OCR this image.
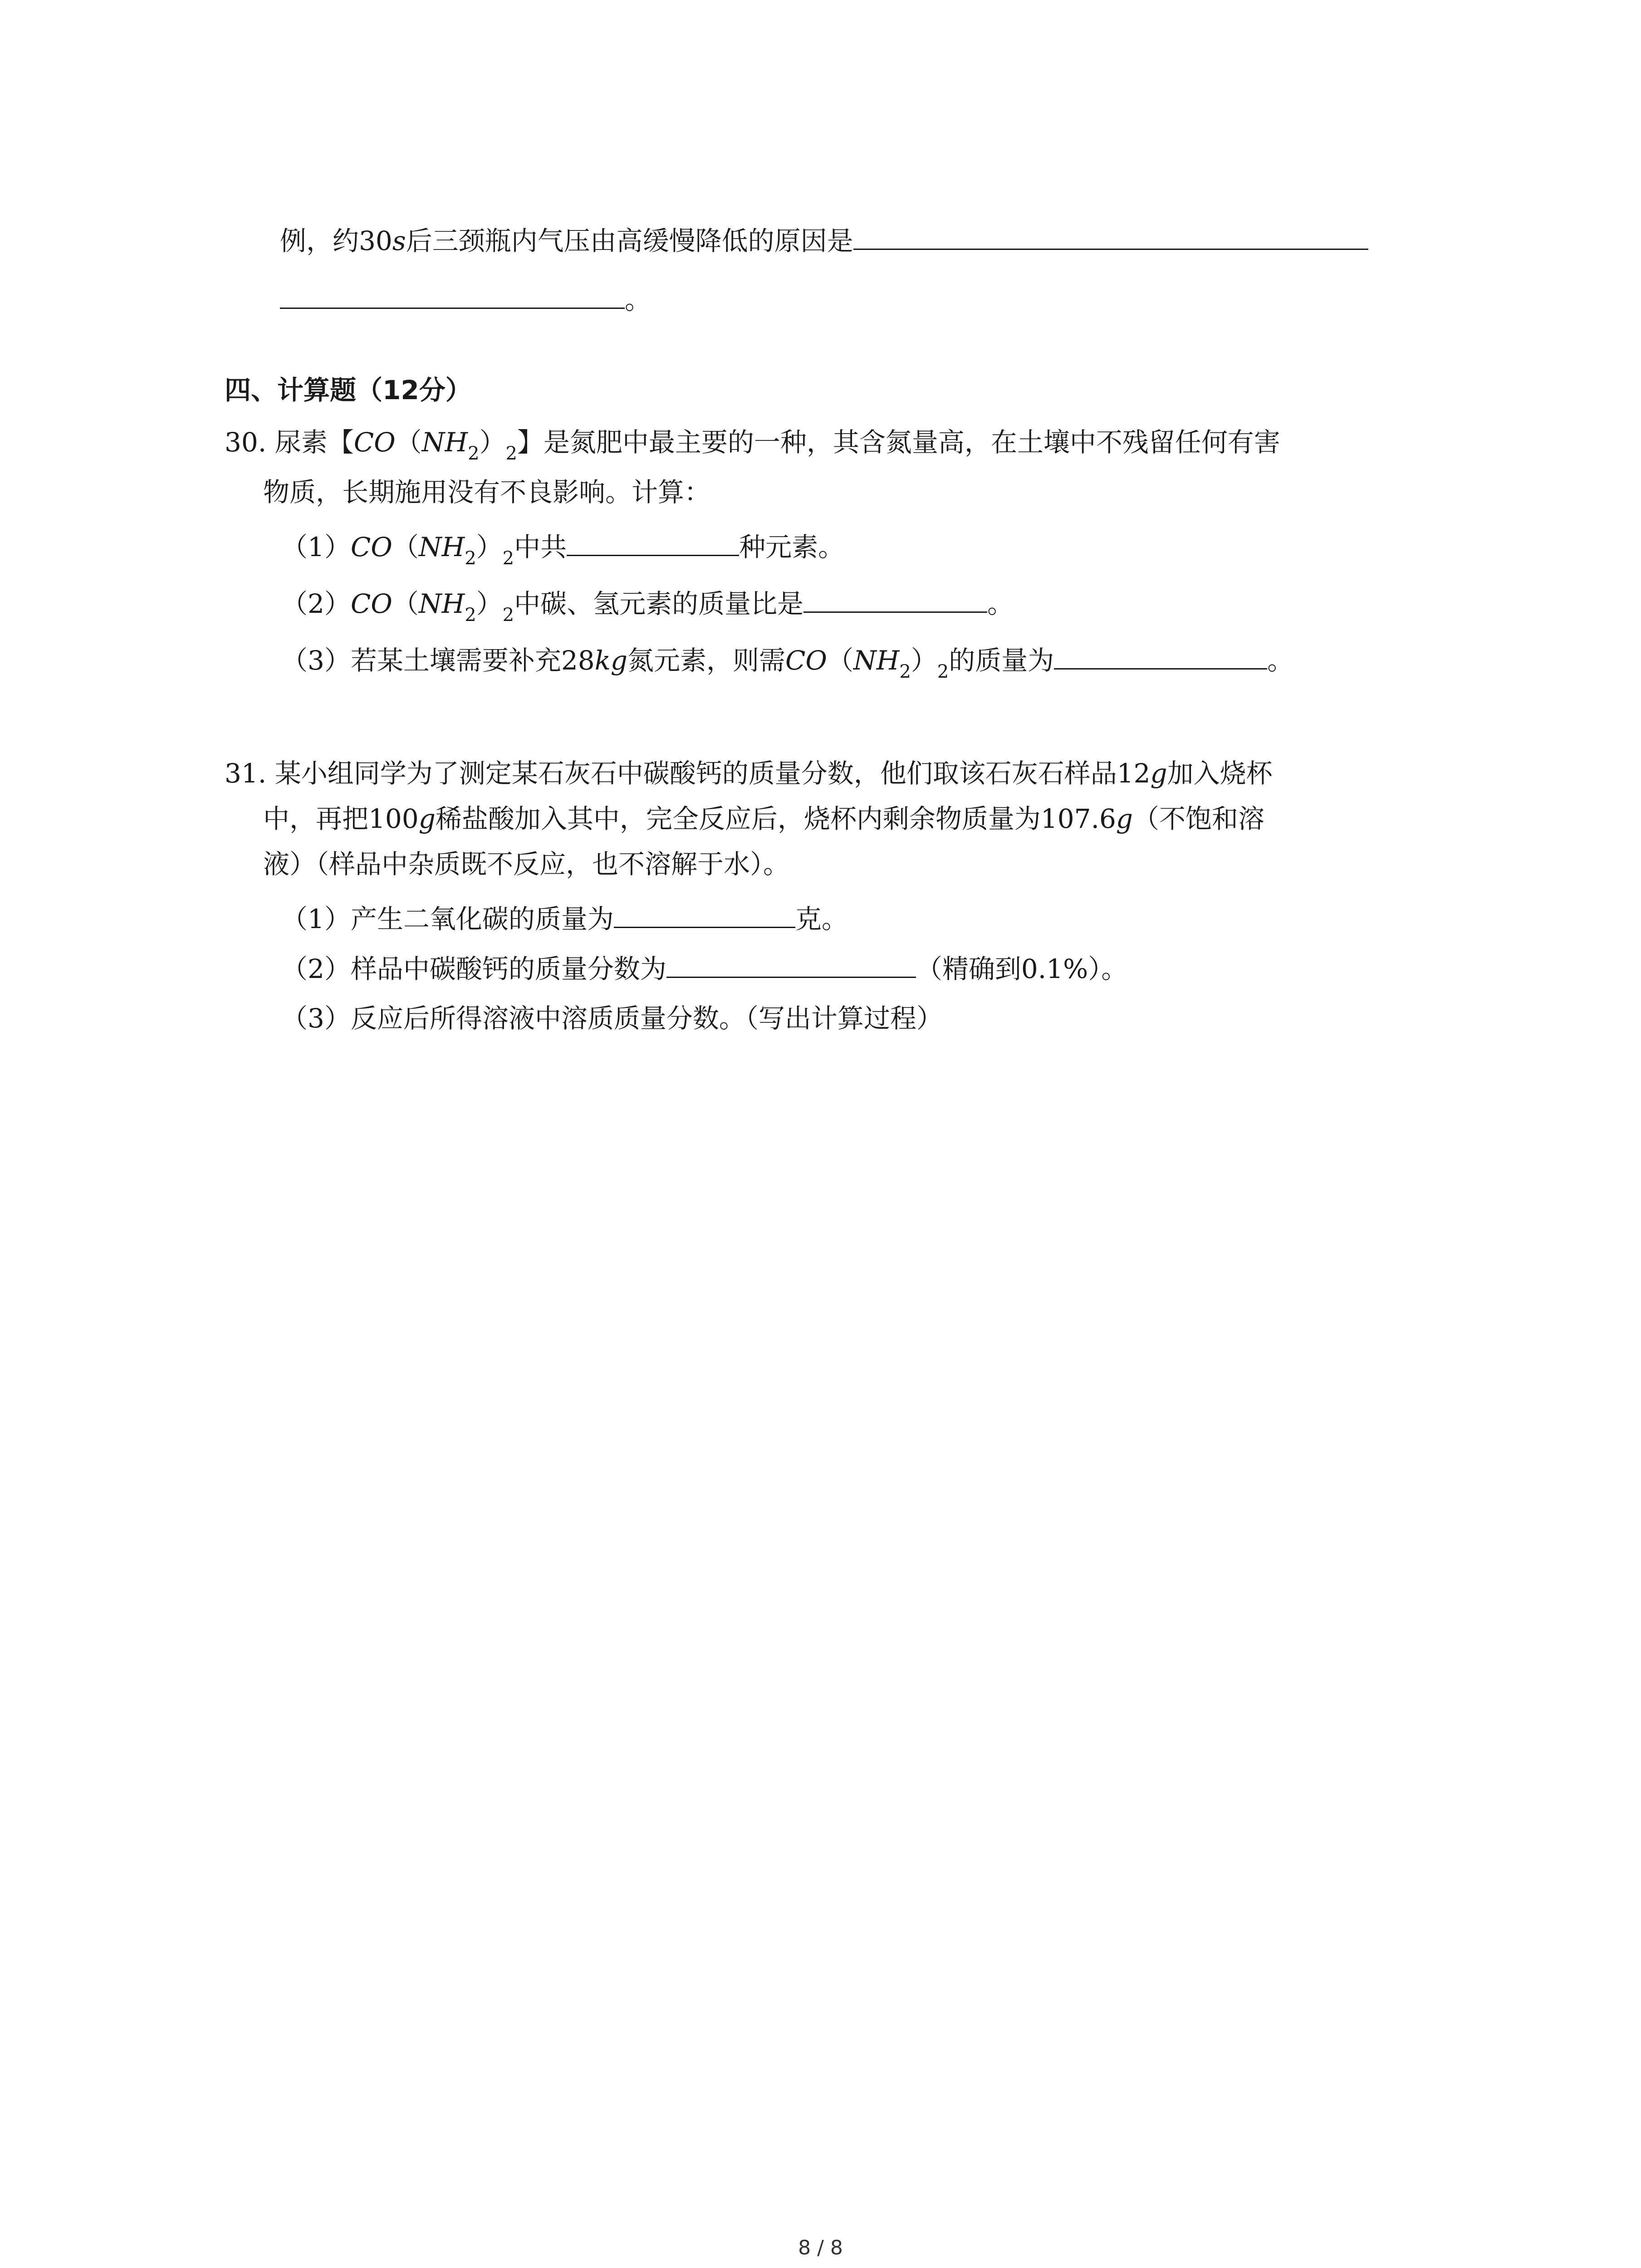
例，约30s后三颈瓶内气压由高缓慢降低的原因是
。
四、计算题（12分）
30. 尿素【$CO(NH_2)_2$】是氮肥中最主要的一种，其含氮量高，在土壤中不残留任何有害
物质，长期施用没有不良影响。计算：
$(1)CO(NH_2)_2$中共	种元素。
$(2)CO(NH_2)_2$中碳、氢元素的质量比是	。
（3）若某土壤需要补充28kg氮元素，则需$CO(NH_2)_2$的质量为	。
31. 某小组同学为了测定某石灰石中碳酸钙的质量分数，他们取该石灰石样品12g加入烧杯
中，再把100g稀盐酸加入其中，完全反应后，烧杯内剩余物质量为107.6g（不饱和溶
液）（样品中杂质既不反应，也不溶解于水）。
（1）产生二氧化碳的质量为	克。
（2）样品中碳酸钙的质量分数为	（精确到0.1%）。
（3）反应后所得溶液中溶质质量分数。（写出计算过程）
8 / 8
